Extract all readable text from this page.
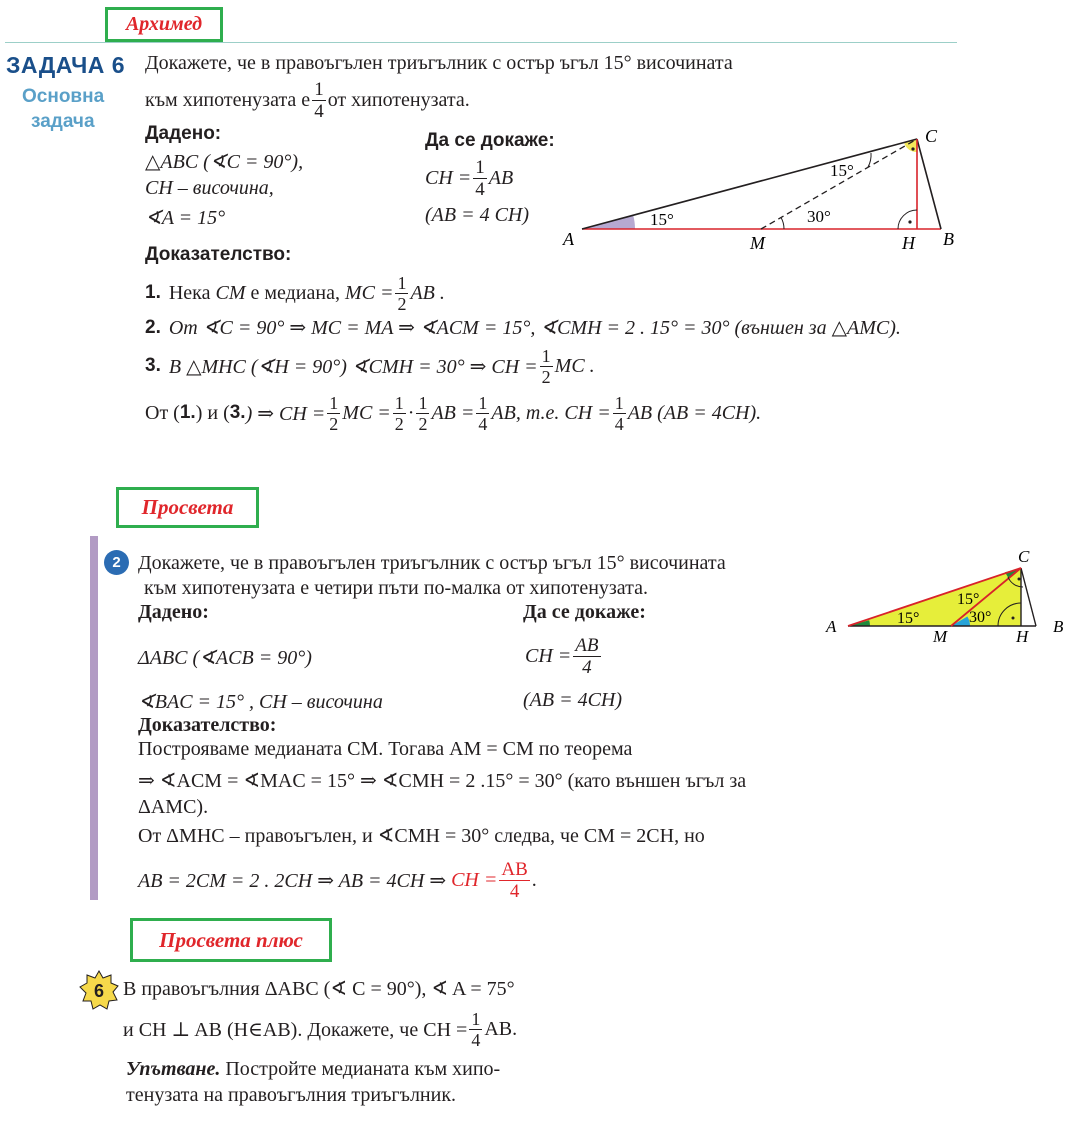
Архимед
ЗАДАЧА 6
Основна
задача
Докажете, че в правоъгълен триъгълник с остър ъгъл 15° височината
към хипотенузата е $\frac{1}{4}$ от хипотенузата.
Дадено:
△ABC (∢C = 90°),
CH – височина,
∢A = 15°
Да се докаже:
CH = $\frac{1}{4}$ AB
(AB = 4 CH)
A	B
C
M	H
15°
15°
30°
Доказателство:
1. Нека
CM
е медиана,
MC = $\frac{1}{2}$ AB .
2. От ∢C = 90° ⇒ MC = MA ⇒ ∢ACM = 15°, ∢CMH = 2 . 15° = 30° (външен за △AMC).
3. В △MHC (∢H = 90°) ∢CMH = 30° ⇒ CH = $\frac{1}{2}$ MC .
От ( 1. ) и ( 3. ) ⇒ CH = $\frac{1}{2}$ MC = $\frac{1}{2} \cdot \frac{1}{2}$ AB = $\frac{1}{4}$ AB, т.е. CH = $\frac{1}{4}$ AB (AB = 4CH).
Просвета
2 Докажете, че в правоъгълен триъгълник с остър ъгъл 15° височината
към хипотенузата е четири пъти по-малка от хипотенузата.
Дадено:
ΔABC (∢ACB = 90°)
∢BAC = 15° , CH – височина
Да се докаже:
CH = $\frac{AB}{4}$
(AB = 4CH)
Доказателство:
Построяваме медианата CM. Тогава AM = CM по теорема
⇒ ∢ACM = ∢MAC = 15° ⇒ ∢CMH = 2 .15° = 30° (като външен ъгъл за
ΔAMC).
От ΔMHC – правоъгълен, и ∢CMH = 30° следва, че CM = 2CH, но
AB = 2CM = 2 . 2CH ⇒ AB = 4CH ⇒
CH = $\frac{AB}{4}$ .
A	B
C
M	H
15°
15°
30°
Просвета плюс
6 В правоъгълния ΔABC (∢ C = 90°), ∢ A = 75°
и CH ⊥ AB (H∈AB). Докажете, че CH = $\frac{1}{4}$ AB.
Упътване. Постройте медианата към хипо-
тенузата на правоъгълния триъгълник.
